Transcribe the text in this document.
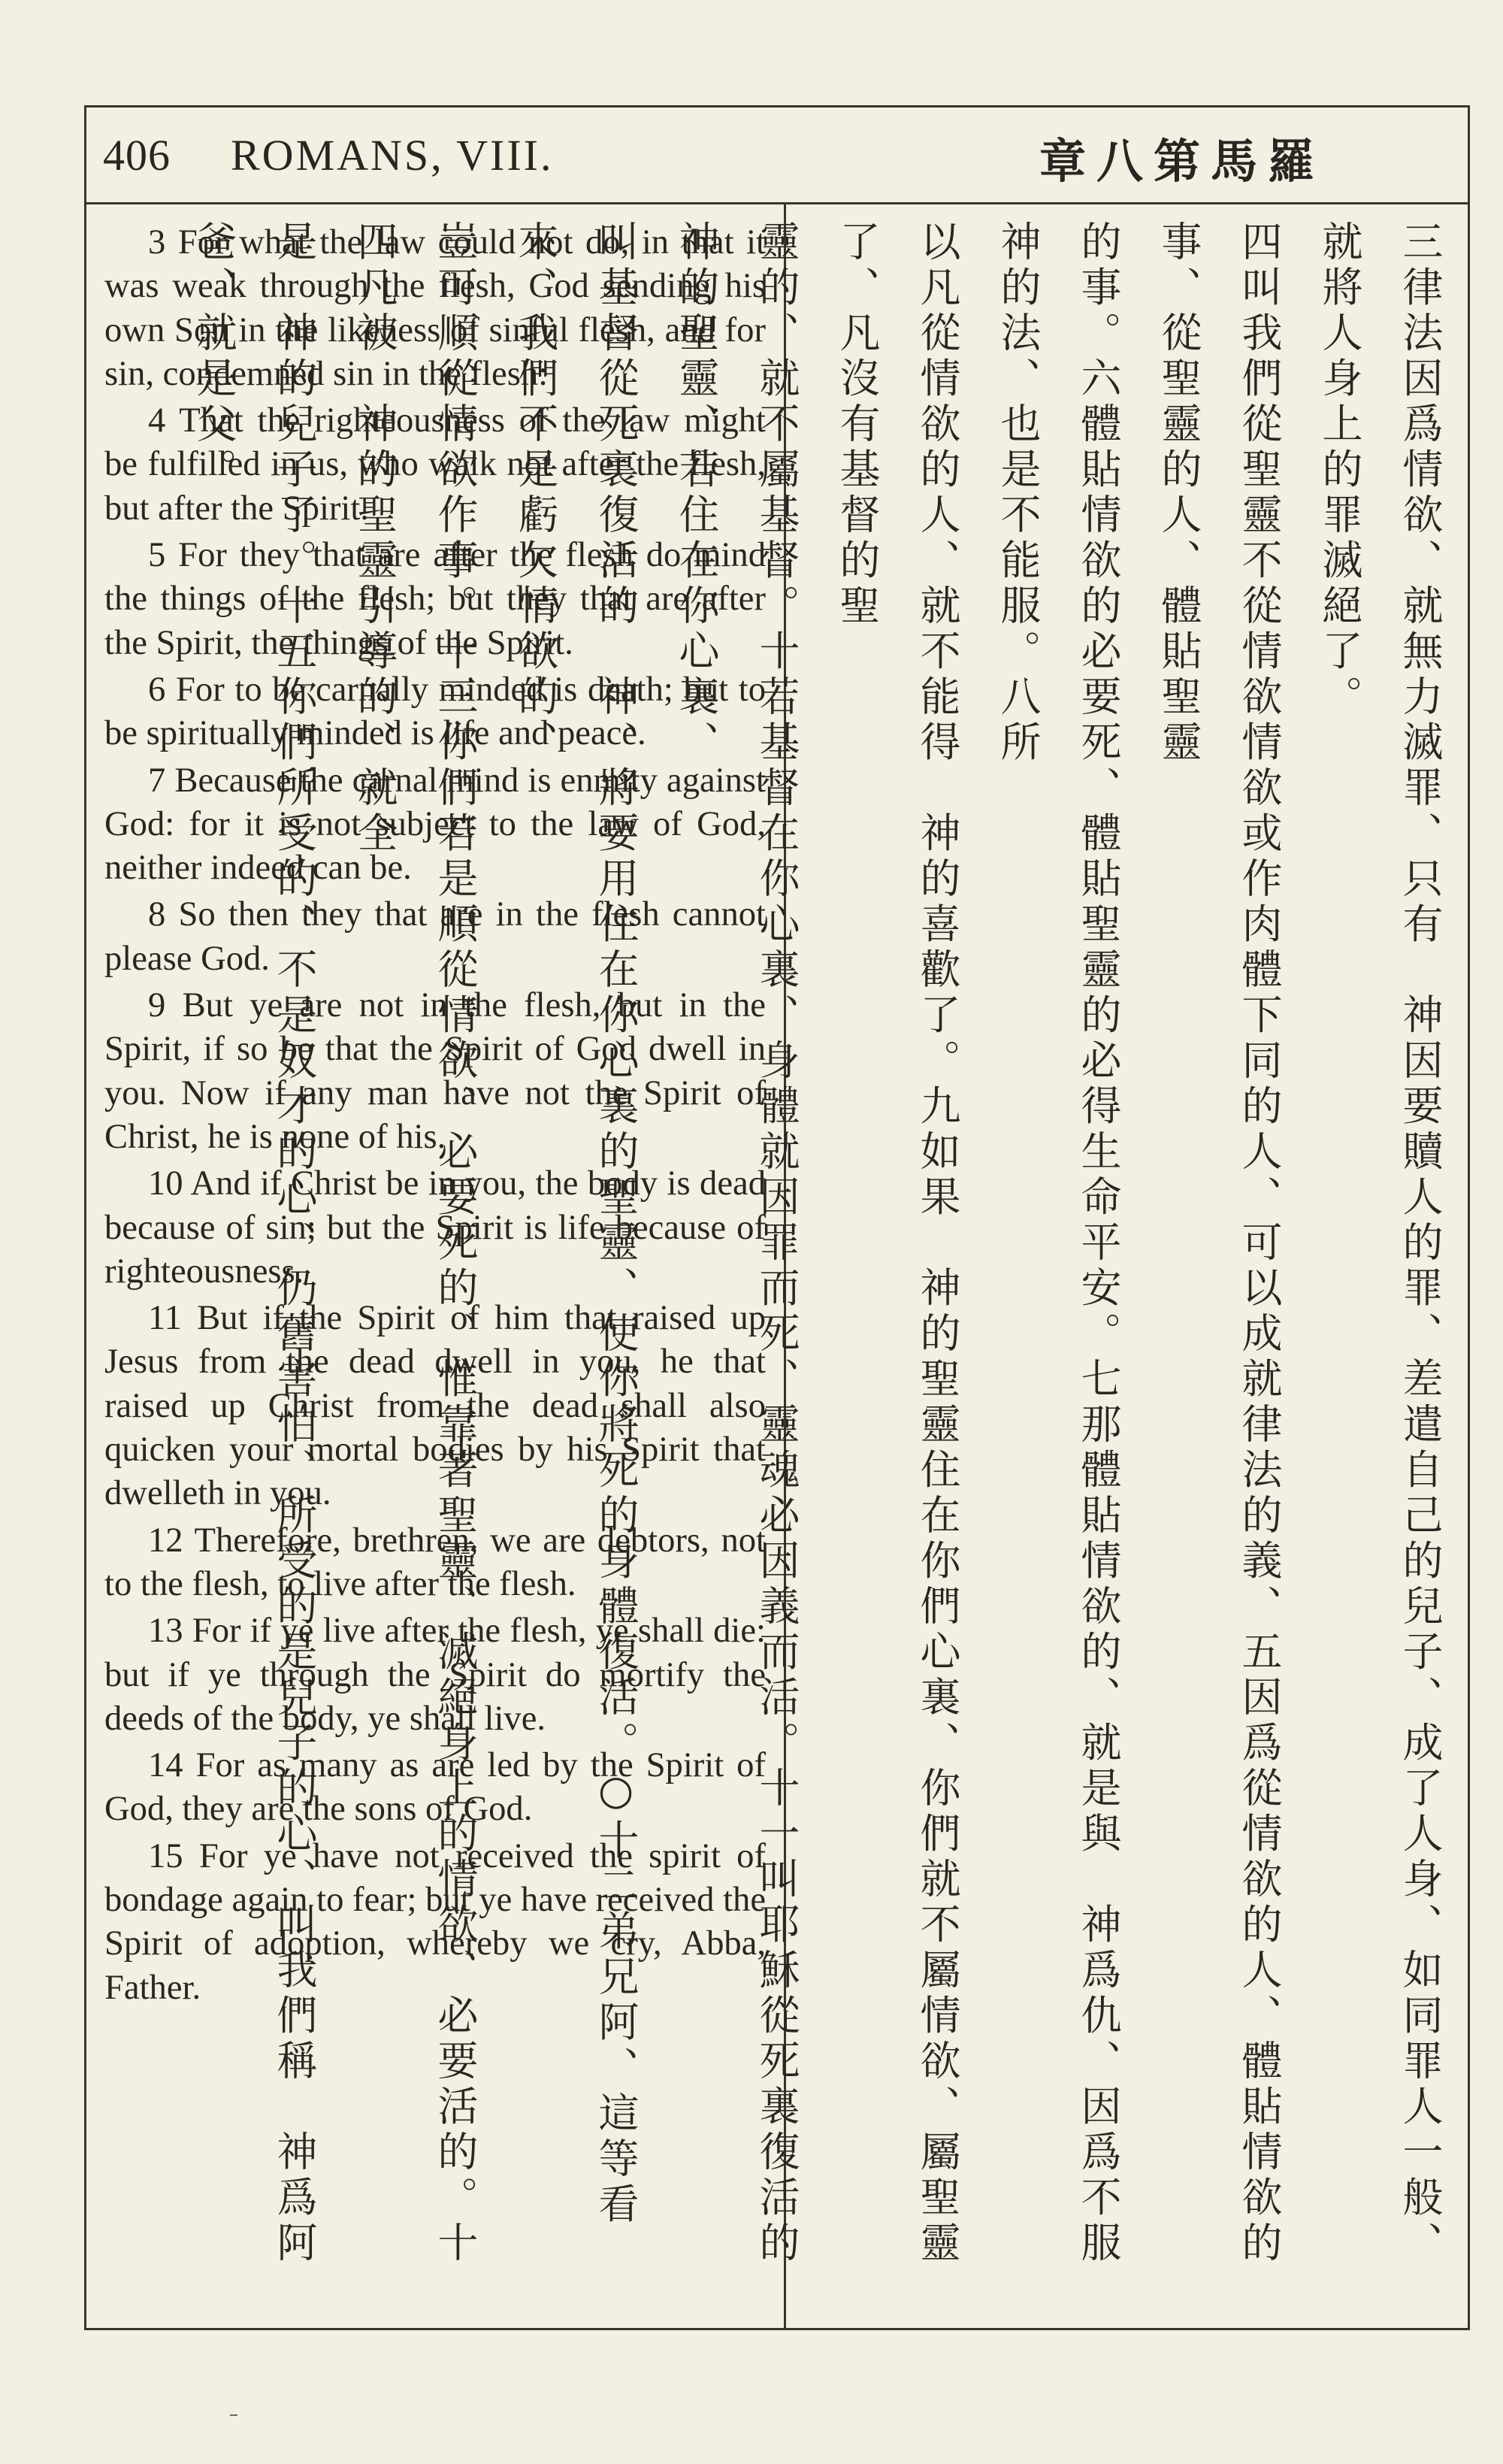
406 ROMANS, VIII.	章八第馬羅

3 For what the law could not do, in that it was weak through the flesh, God sending his own Son in the likeness of sinful flesh, and for sin, condemned sin in the flesh:

4 That the righteousness of the law might be fulfilled in us, who walk not after the flesh, but after the Spirit.

5 For they that are after the flesh do mind the things of the flesh; but they that are after the Spirit, the things of the Spirit.

6 For to be carnally minded is death; but to be spiritually minded is life and peace.

7 Because the carnal mind is enmity against God: for it is not subject to the law of God, neither indeed can be.

8 So then they that are in the flesh cannot please God.

9 But ye are not in the flesh, but in the Spirit, if so be that the Spirit of God dwell in you. Now if any man have not the Spirit of Christ, he is none of his.

10 And if Christ be in you, the body is dead because of sin; but the Spirit is life because of righteousness.

11 But if the Spirit of him that raised up Jesus from the dead dwell in you, he that raised up Christ from the dead shall also quicken your mortal bodies by his Spirit that dwelleth in you.

12 Therefore, brethren, we are debtors, not to the flesh, to live after the flesh.

13 For if ye live after the flesh, ye shall die: but if ye through the Spirit do mortify the deeds of the body, ye shall live.

14 For as many as are led by the Spirit of God, they are the sons of God.

15 For ye have not received the spirit of bondage again to fear; but ye have received the Spirit of adoption, whereby we cry, Abba, Father.	三律法因爲情欲、就無力滅罪、只有　神因要贖人的罪、差遣自己的兒子、成了人身、如同罪人一般、就將人身上的罪滅絕了。
四叫我們從聖靈不從情欲情欲或作肉體下同的人、可以成就律法的義、五因爲從情欲的人、體貼情欲的事、從聖靈的人、體貼聖靈
的事。六體貼情欲的必要死、體貼聖靈的必得生命平安。七那體貼情欲的、就是與　神爲仇、因爲不服　神的法、也是不能服。八所
以凡從情欲的人、就不能得　神的喜歡了。九如果　神的聖靈住在你們心裏、你們就不屬情欲、屬聖靈了、凡沒有基督的聖
靈的、就不屬基督。十若基督在你心裏、身體就因罪而死、靈魂必因義而活。十一叫耶穌從死裏復活的　神的聖靈、若住在你心裏、
叫基督從死裏復活的　神、將要用住在你心裏的聖靈、使你將死的身體復活。○十二弟兄阿、這等看來、我們不是虧欠情欲的、
豈可順從情欲作事。十三你們若是順從情欲、必要死的、惟靠著聖靈、滅絕身上的情欲、必要活的。十四凡被　神的聖靈引導的、就全
是　神的兒子了。十五你們所受的、不是奴才的心、仍舊害怕、所受的是兒子的心、叫我們稱　神爲阿爸、就是父。
